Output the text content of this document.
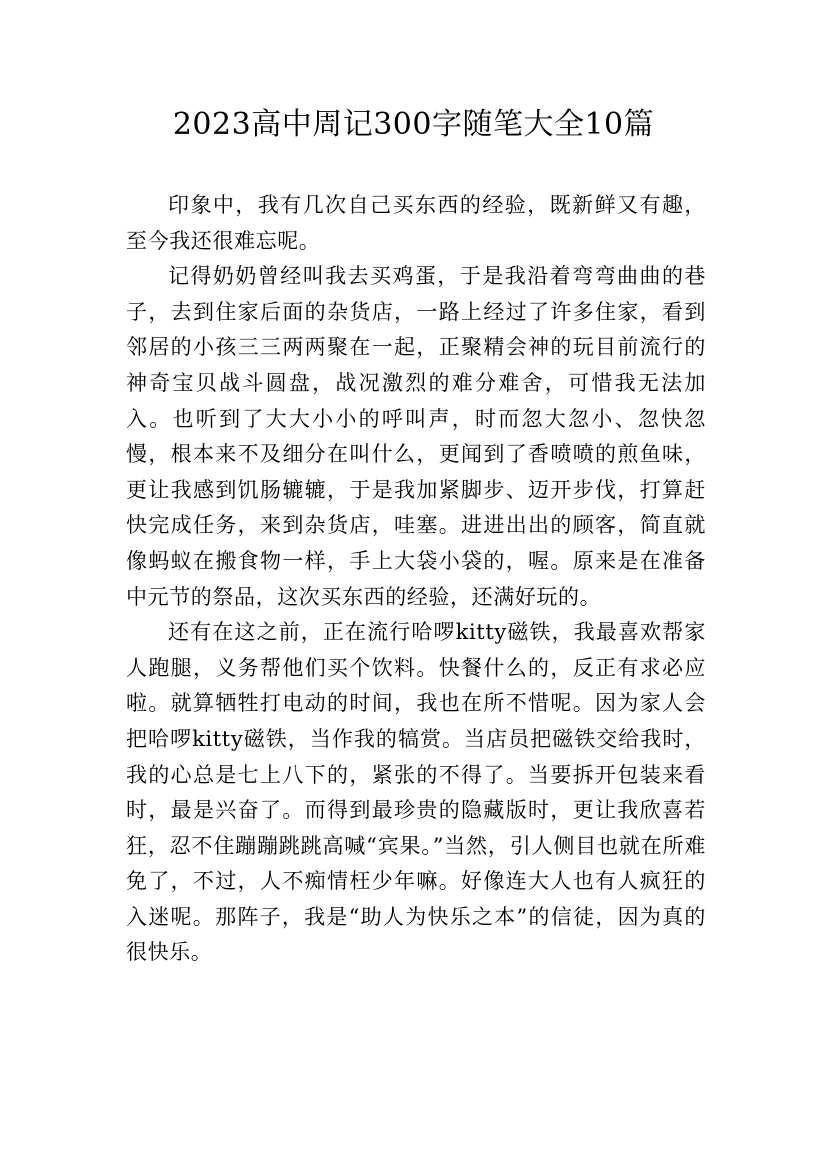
2023高中周记300字随笔大全10篇

印象中，我有几次自己买东西的经验，既新鲜又有趣，至今我还很难忘呢。

记得奶奶曾经叫我去买鸡蛋，于是我沿着弯弯曲曲的巷子，去到住家后面的杂货店，一路上经过了许多住家，看到邻居的小孩三三两两聚在一起，正聚精会神的玩目前流行的神奇宝贝战斗圆盘，战况激烈的难分难舍，可惜我无法加入。也听到了大大小小的呼叫声，时而忽大忽小、忽快忽慢，根本来不及细分在叫什么，更闻到了香喷喷的煎鱼味，更让我感到饥肠辘辘，于是我加紧脚步、迈开步伐，打算赶快完成任务，来到杂货店，哇塞。进进出出的顾客，简直就像蚂蚁在搬食物一样，手上大袋小袋的，喔。原来是在准备中元节的祭品，这次买东西的经验，还满好玩的。

还有在这之前，正在流行哈啰kitty磁铁，我最喜欢帮家人跑腿，义务帮他们买个饮料。快餐什么的，反正有求必应啦。就算牺牲打电动的时间，我也在所不惜呢。因为家人会把哈啰kitty磁铁，当作我的犒赏。当店员把磁铁交给我时，我的心总是七上八下的，紧张的不得了。当要拆开包装来看时，最是兴奋了。而得到最珍贵的隐藏版时，更让我欣喜若狂，忍不住蹦蹦跳跳高喊“宾果。”当然，引人侧目也就在所难免了，不过，人不痴情枉少年嘛。好像连大人也有人疯狂的入迷呢。那阵子，我是“助人为快乐之本”的信徒，因为真的很快乐。
